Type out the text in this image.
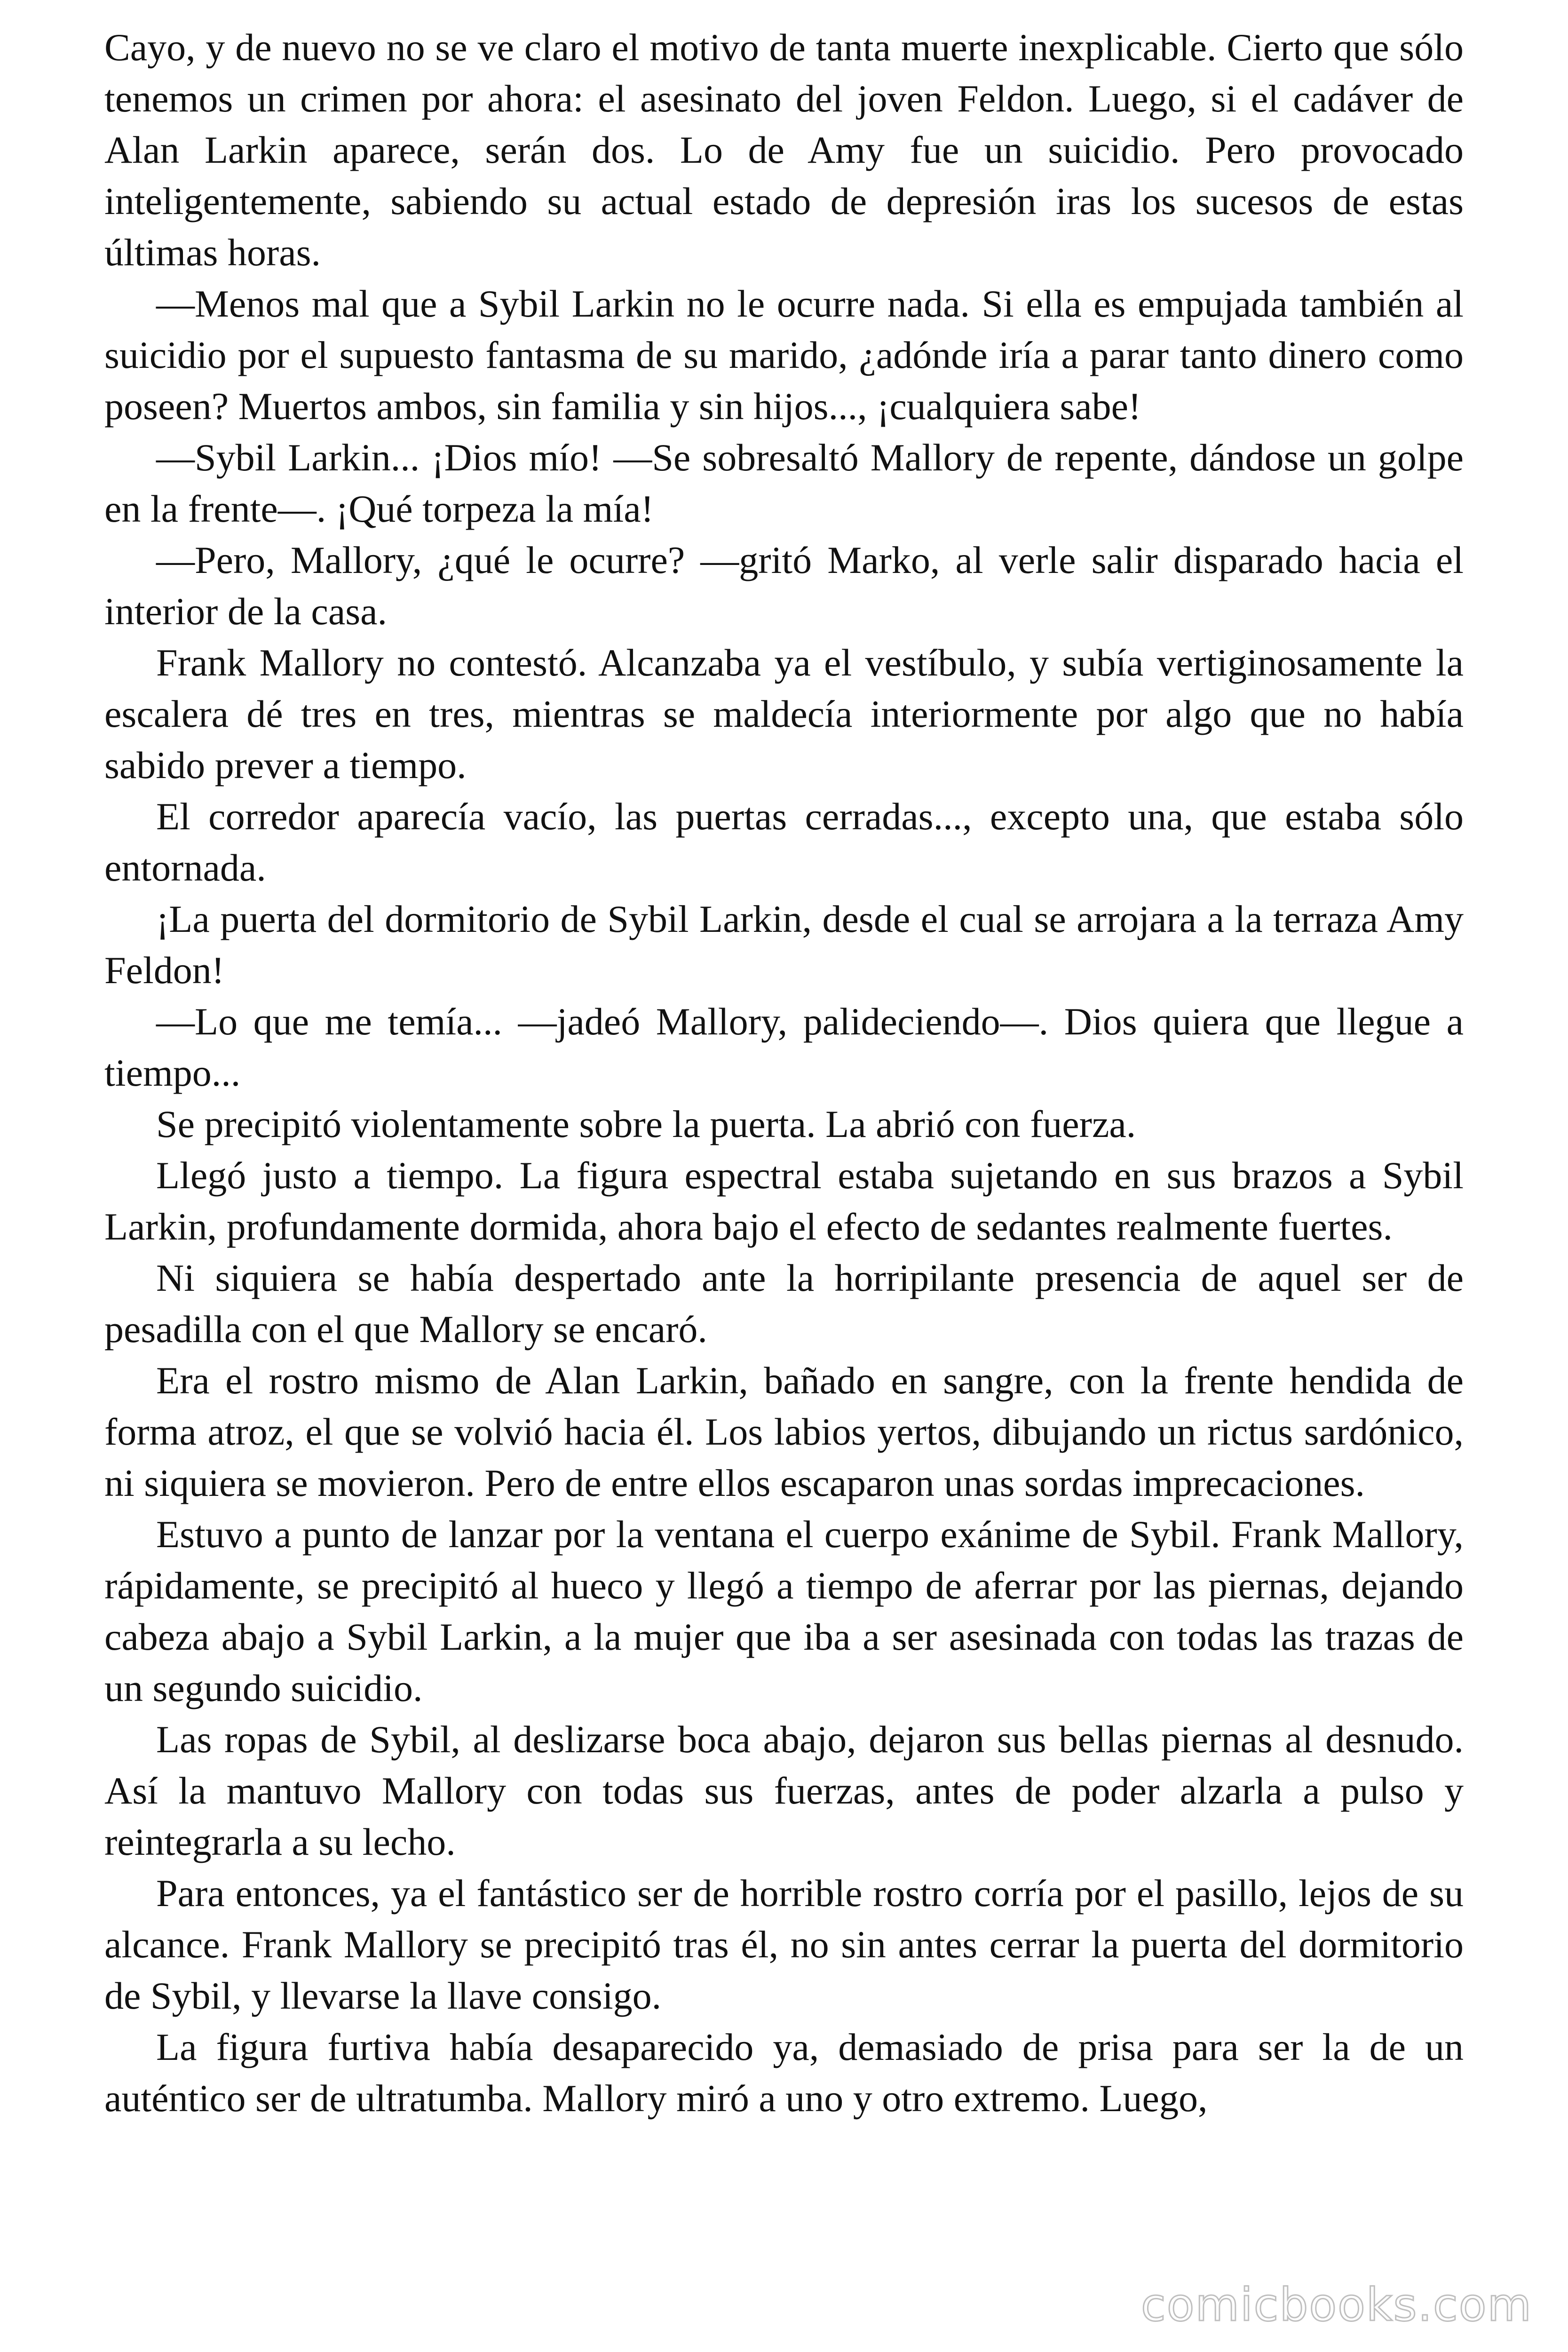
Cayo, y de nuevo no se ve claro el motivo de tanta muerte inexplicable. Cierto que sólo tenemos un crimen por ahora: el asesinato del joven Feldon. Luego, si el cadáver de Alan Larkin aparece, serán dos. Lo de Amy fue un suicidio. Pero provocado inteligentemente, sabiendo su actual estado de depresión iras los sucesos de estas últimas horas.

—Menos mal que a Sybil Larkin no le ocurre nada. Si ella es empujada también al suicidio por el supuesto fantasma de su marido, ¿adónde iría a parar tanto dinero como poseen? Muertos ambos, sin familia y sin hijos..., ¡cualquiera sabe!

—Sybil Larkin... ¡Dios mío! —Se sobresaltó Mallory de repente, dándose un golpe en la frente—. ¡Qué torpeza la mía!

—Pero, Mallory, ¿qué le ocurre? —gritó Marko, al verle salir disparado hacia el interior de la casa.

Frank Mallory no contestó. Alcanzaba ya el vestíbulo, y subía vertiginosamente la escalera dé tres en tres, mientras se maldecía interiormente por algo que no había sabido prever a tiempo.

El corredor aparecía vacío, las puertas cerradas..., excepto una, que estaba sólo entornada.

¡La puerta del dormitorio de Sybil Larkin, desde el cual se arrojara a la terraza Amy Feldon!

—Lo que me temía... —jadeó Mallory, palideciendo—. Dios quiera que llegue a tiempo...

Se precipitó violentamente sobre la puerta. La abrió con fuerza.

Llegó justo a tiempo. La figura espectral estaba sujetando en sus brazos a Sybil Larkin, profundamente dormida, ahora bajo el efecto de sedantes realmente fuertes.

Ni siquiera se había despertado ante la horripilante presencia de aquel ser de pesadilla con el que Mallory se encaró.

Era el rostro mismo de Alan Larkin, bañado en sangre, con la frente hendida de forma atroz, el que se volvió hacia él. Los labios yertos, dibujando un rictus sardónico, ni siquiera se movieron. Pero de entre ellos escaparon unas sordas imprecaciones.

Estuvo a punto de lanzar por la ventana el cuerpo exánime de Sybil. Frank Mallory, rápidamente, se precipitó al hueco y llegó a tiempo de aferrar por las piernas, dejando cabeza abajo a Sybil Larkin, a la mujer que iba a ser asesinada con todas las trazas de un segundo suicidio.

Las ropas de Sybil, al deslizarse boca abajo, dejaron sus bellas piernas al desnudo. Así la mantuvo Mallory con todas sus fuerzas, antes de poder alzarla a pulso y reintegrarla a su lecho.

Para entonces, ya el fantástico ser de horrible rostro corría por el pasillo, lejos de su alcance. Frank Mallory se precipitó tras él, no sin antes cerrar la puerta del dormitorio de Sybil, y llevarse la llave consigo.

La figura furtiva había desaparecido ya, demasiado de prisa para ser la de un auténtico ser de ultratumba. Mallory miró a uno y otro extremo. Luego,

comicbooks.com
